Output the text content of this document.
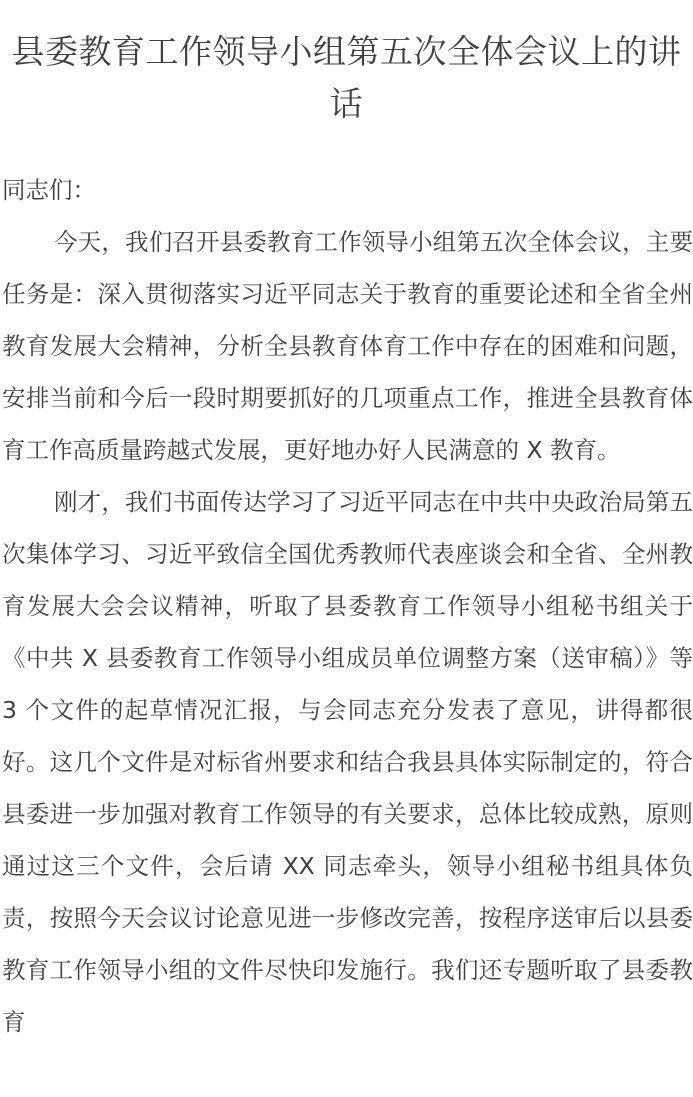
县委教育工作领导小组第五次全体会议上的讲话

同志们：

今天，我们召开县委教育工作领导小组第五次全体会议，主要任务是：深入贯彻落实习近平同志关于教育的重要论述和全省全州教育发展大会精神，分析全县教育体育工作中存在的困难和问题，安排当前和今后一段时期要抓好的几项重点工作，推进全县教育体育工作高质量跨越式发展，更好地办好人民满意的 X 教育。

刚才，我们书面传达学习了习近平同志在中共中央政治局第五次集体学习、习近平致信全国优秀教师代表座谈会和全省、全州教育发展大会会议精神，听取了县委教育工作领导小组秘书组关于《中共 X 县委教育工作领导小组成员单位调整方案（送审稿）》等 3 个文件的起草情况汇报，与会同志充分发表了意见，讲得都很好。这几个文件是对标省州要求和结合我县具体实际制定的，符合县委进一步加强对教育工作领导的有关要求，总体比较成熟，原则通过这三个文件，会后请 XX 同志牵头，领导小组秘书组具体负责，按照今天会议讨论意见进一步修改完善，按程序送审后以县委教育工作领导小组的文件尽快印发施行。我们还专题听取了县委教育
